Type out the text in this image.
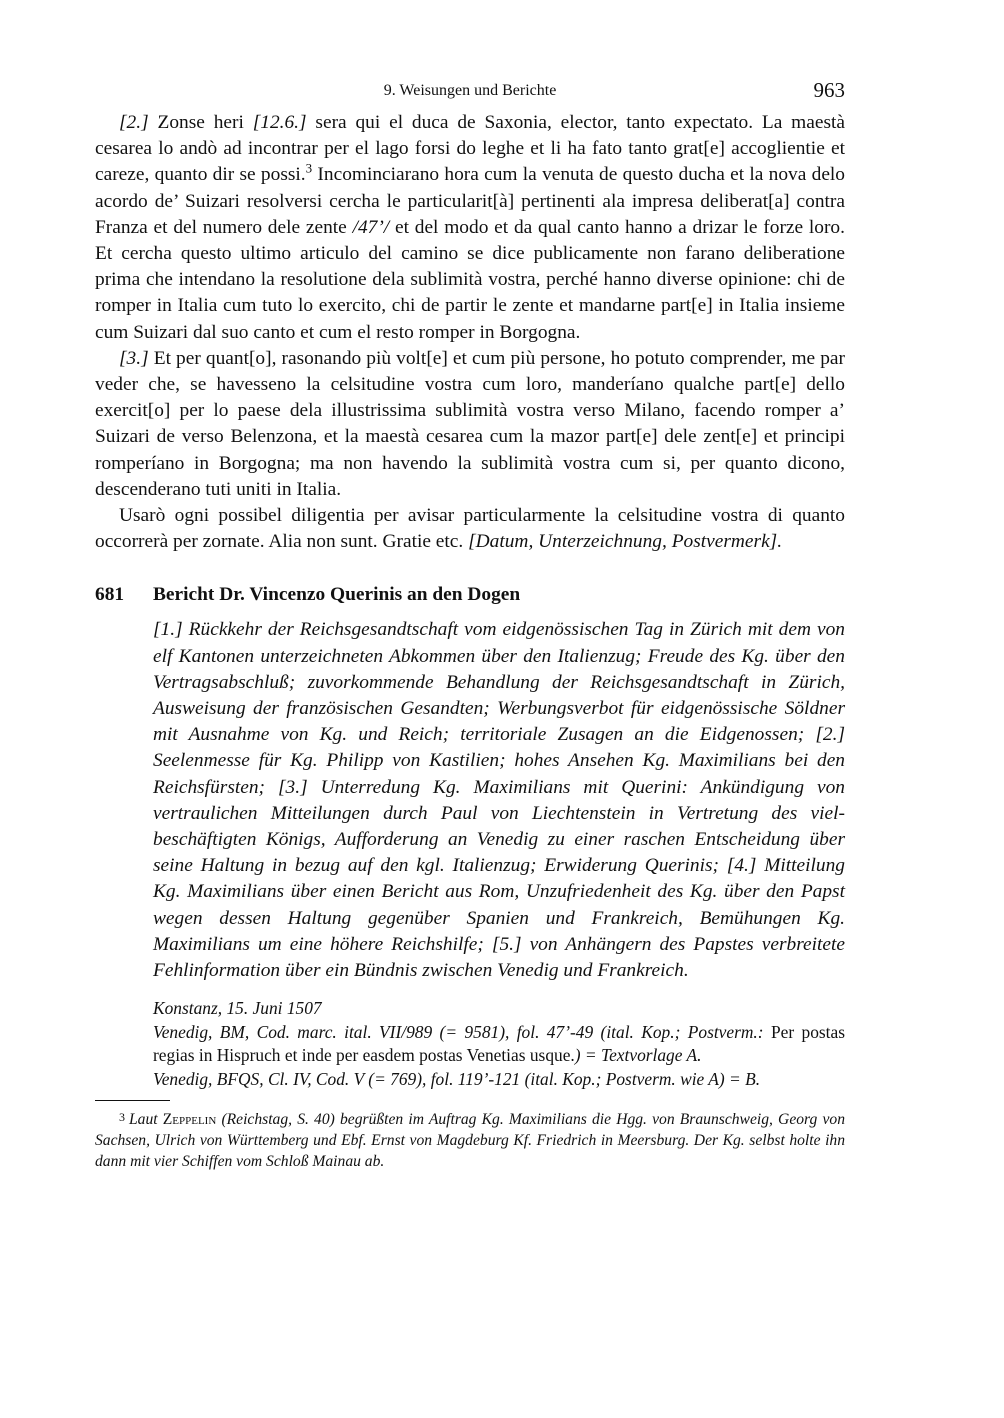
9. Weisungen und Berichte	963

[2.] Zonse heri [12.6.] sera qui el duca de Saxonia, elector, tanto expectato. La maestà cesarea lo andò ad incontrar per el lago forsi do leghe et li ha fato tanto grat[e] accoglientie et careze, quanto dir se possi.$^3$ Incominciarano hora cum la venuta de questo ducha et la nova delo acordo de’ Suizari resolversi cercha le particularit[à] pertinenti ala impresa deliberat[a] contra Franza et del numero dele zente /47’/ et del modo et da qual canto hanno a drizar le forze loro. Et cercha questo ultimo articulo del camino se dice publicamente non farano deliberatione prima che intendano la resolutione dela sublimità vostra, perché hanno diverse opinione: chi de romper in Italia cum tuto lo exercito, chi de partir le zente et mandarne part[e] in Italia insieme cum Suizari dal suo canto et cum el resto romper in Borgogna.

[3.] Et per quant[o], rasonando più volt[e] et cum più persone, ho potuto comprender, me par veder che, se havesseno la celsitudine vostra cum loro, manderíano qualche part[e] dello exercit[o] per lo paese dela illustrissima sublimità vostra verso Milano, facendo romper a’ Suizari de verso Belenzona, et la maestà cesarea cum la mazor part[e] dele zent[e] et principi romperíano in Borgogna; ma non havendo la sublimità vostra cum si, per quanto dicono, descenderano tuti uniti in Italia.

Usarò ogni possibel diligentia per avisar particularmente la celsitudine vostra di quanto occorrerà per zornate. Alia non sunt. Gratie etc. [Datum, Unterzeichnung, Postvermerk].

681	Bericht Dr. Vincenzo Querinis an den Dogen

[1.] Rückkehr der Reichsgesandtschaft vom eidgenössischen Tag in Zürich mit dem von elf Kantonen unterzeichneten Abkommen über den Italienzug; Freude des Kg. über den Vertragsabschluß; zuvorkommende Behandlung der Reichsgesandtschaft in Zürich, Ausweisung der französischen Gesandten; Werbungsverbot für eidgenössische Söldner mit Ausnahme von Kg. und Reich; territoriale Zusagen an die Eidgenossen; [2.] Seelenmesse für Kg. Philipp von Kastilien; hohes Ansehen Kg. Maximilians bei den Reichsfürsten; [3.] Unterredung Kg. Maximilians mit Querini: Ankündigung von vertraulichen Mitteilungen durch Paul von Liechtenstein in Vertretung des vielbeschäftigten Königs, Aufforderung an Venedig zu einer raschen Entscheidung über seine Haltung in bezug auf den kgl. Italienzug; Erwiderung Querinis; [4.] Mitteilung Kg. Maximilians über einen Bericht aus Rom, Unzufriedenheit des Kg. über den Papst wegen dessen Haltung gegenüber Spanien und Frankreich, Bemühungen Kg. Maximilians um eine höhere Reichshilfe; [5.] von Anhängern des Papstes verbreitete Fehlinformation über ein Bündnis zwischen Venedig und Frankreich.

Konstanz, 15. Juni 1507
Venedig, BM, Cod. marc. ital. VII/989 (= 9581), fol. 47’-49 (ital. Kop.; Postverm.: Per postas regias in Hispruch et inde per easdem postas Venetias usque.) = Textvorlage A.
Venedig, BFQS, Cl. IV, Cod. V (= 769), fol. 119’-121 (ital. Kop.; Postverm. wie A) = B.

3 Laut Zeppelin (Reichstag, S. 40) begrüßten im Auftrag Kg. Maximilians die Hgg. von Braunschweig, Georg von Sachsen, Ulrich von Württemberg und Ebf. Ernst von Magdeburg Kf. Friedrich in Meersburg. Der Kg. selbst holte ihn dann mit vier Schiffen vom Schloß Mainau ab.
